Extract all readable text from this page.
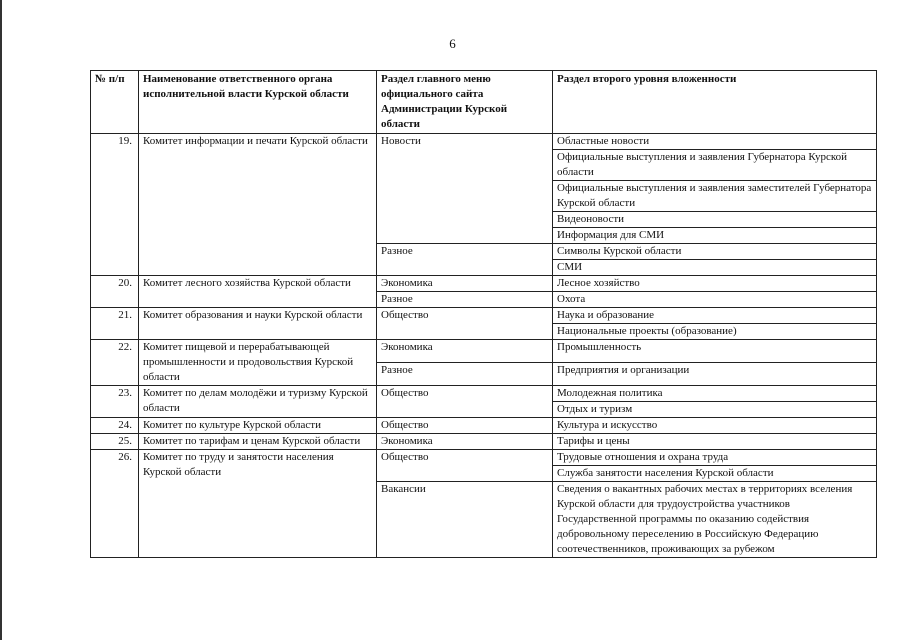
6
№ п/п	Наименование ответственного органа исполнительной власти Курской области	Раздел главного меню официального сайта Администрации Курской области	Раздел второго уровня вложенности
19.	Комитет информации и печати Курской области	Новости	Областные новости
			Официальные выступления и заявления Губернатора Курской области
			Официальные выступления и заявления заместителей Губернатора Курской области
			Видеоновости
			Информация для СМИ
		Разное	Символы Курской области
			СМИ
20.	Комитет лесного хозяйства Курской области	Экономика	Лесное хозяйство
		Разное	Охота
21.	Комитет образования и науки Курской области	Общество	Наука и образование
			Национальные проекты (образование)
22.	Комитет пищевой и перерабатывающей промышленности и продовольствия Курской области	Экономика	Промышленность
		Разное	Предприятия и организации
23.	Комитет по делам молодёжи и туризму Курской области	Общество	Молодежная политика
			Отдых и туризм
24.	Комитет по культуре Курской области	Общество	Культура и искусство
25.	Комитет по тарифам и ценам Курской области	Экономика	Тарифы и цены
26.	Комитет по труду и занятости населения Курской области	Общество	Трудовые отношения и охрана труда
			Служба занятости населения Курской области
		Вакансии	Сведения о вакантных рабочих местах в территориях вселения Курской области для трудоустройства участников Государственной программы по оказанию содействия добровольному переселению в Российскую Федерацию соотечественников, проживающих за рубежом
